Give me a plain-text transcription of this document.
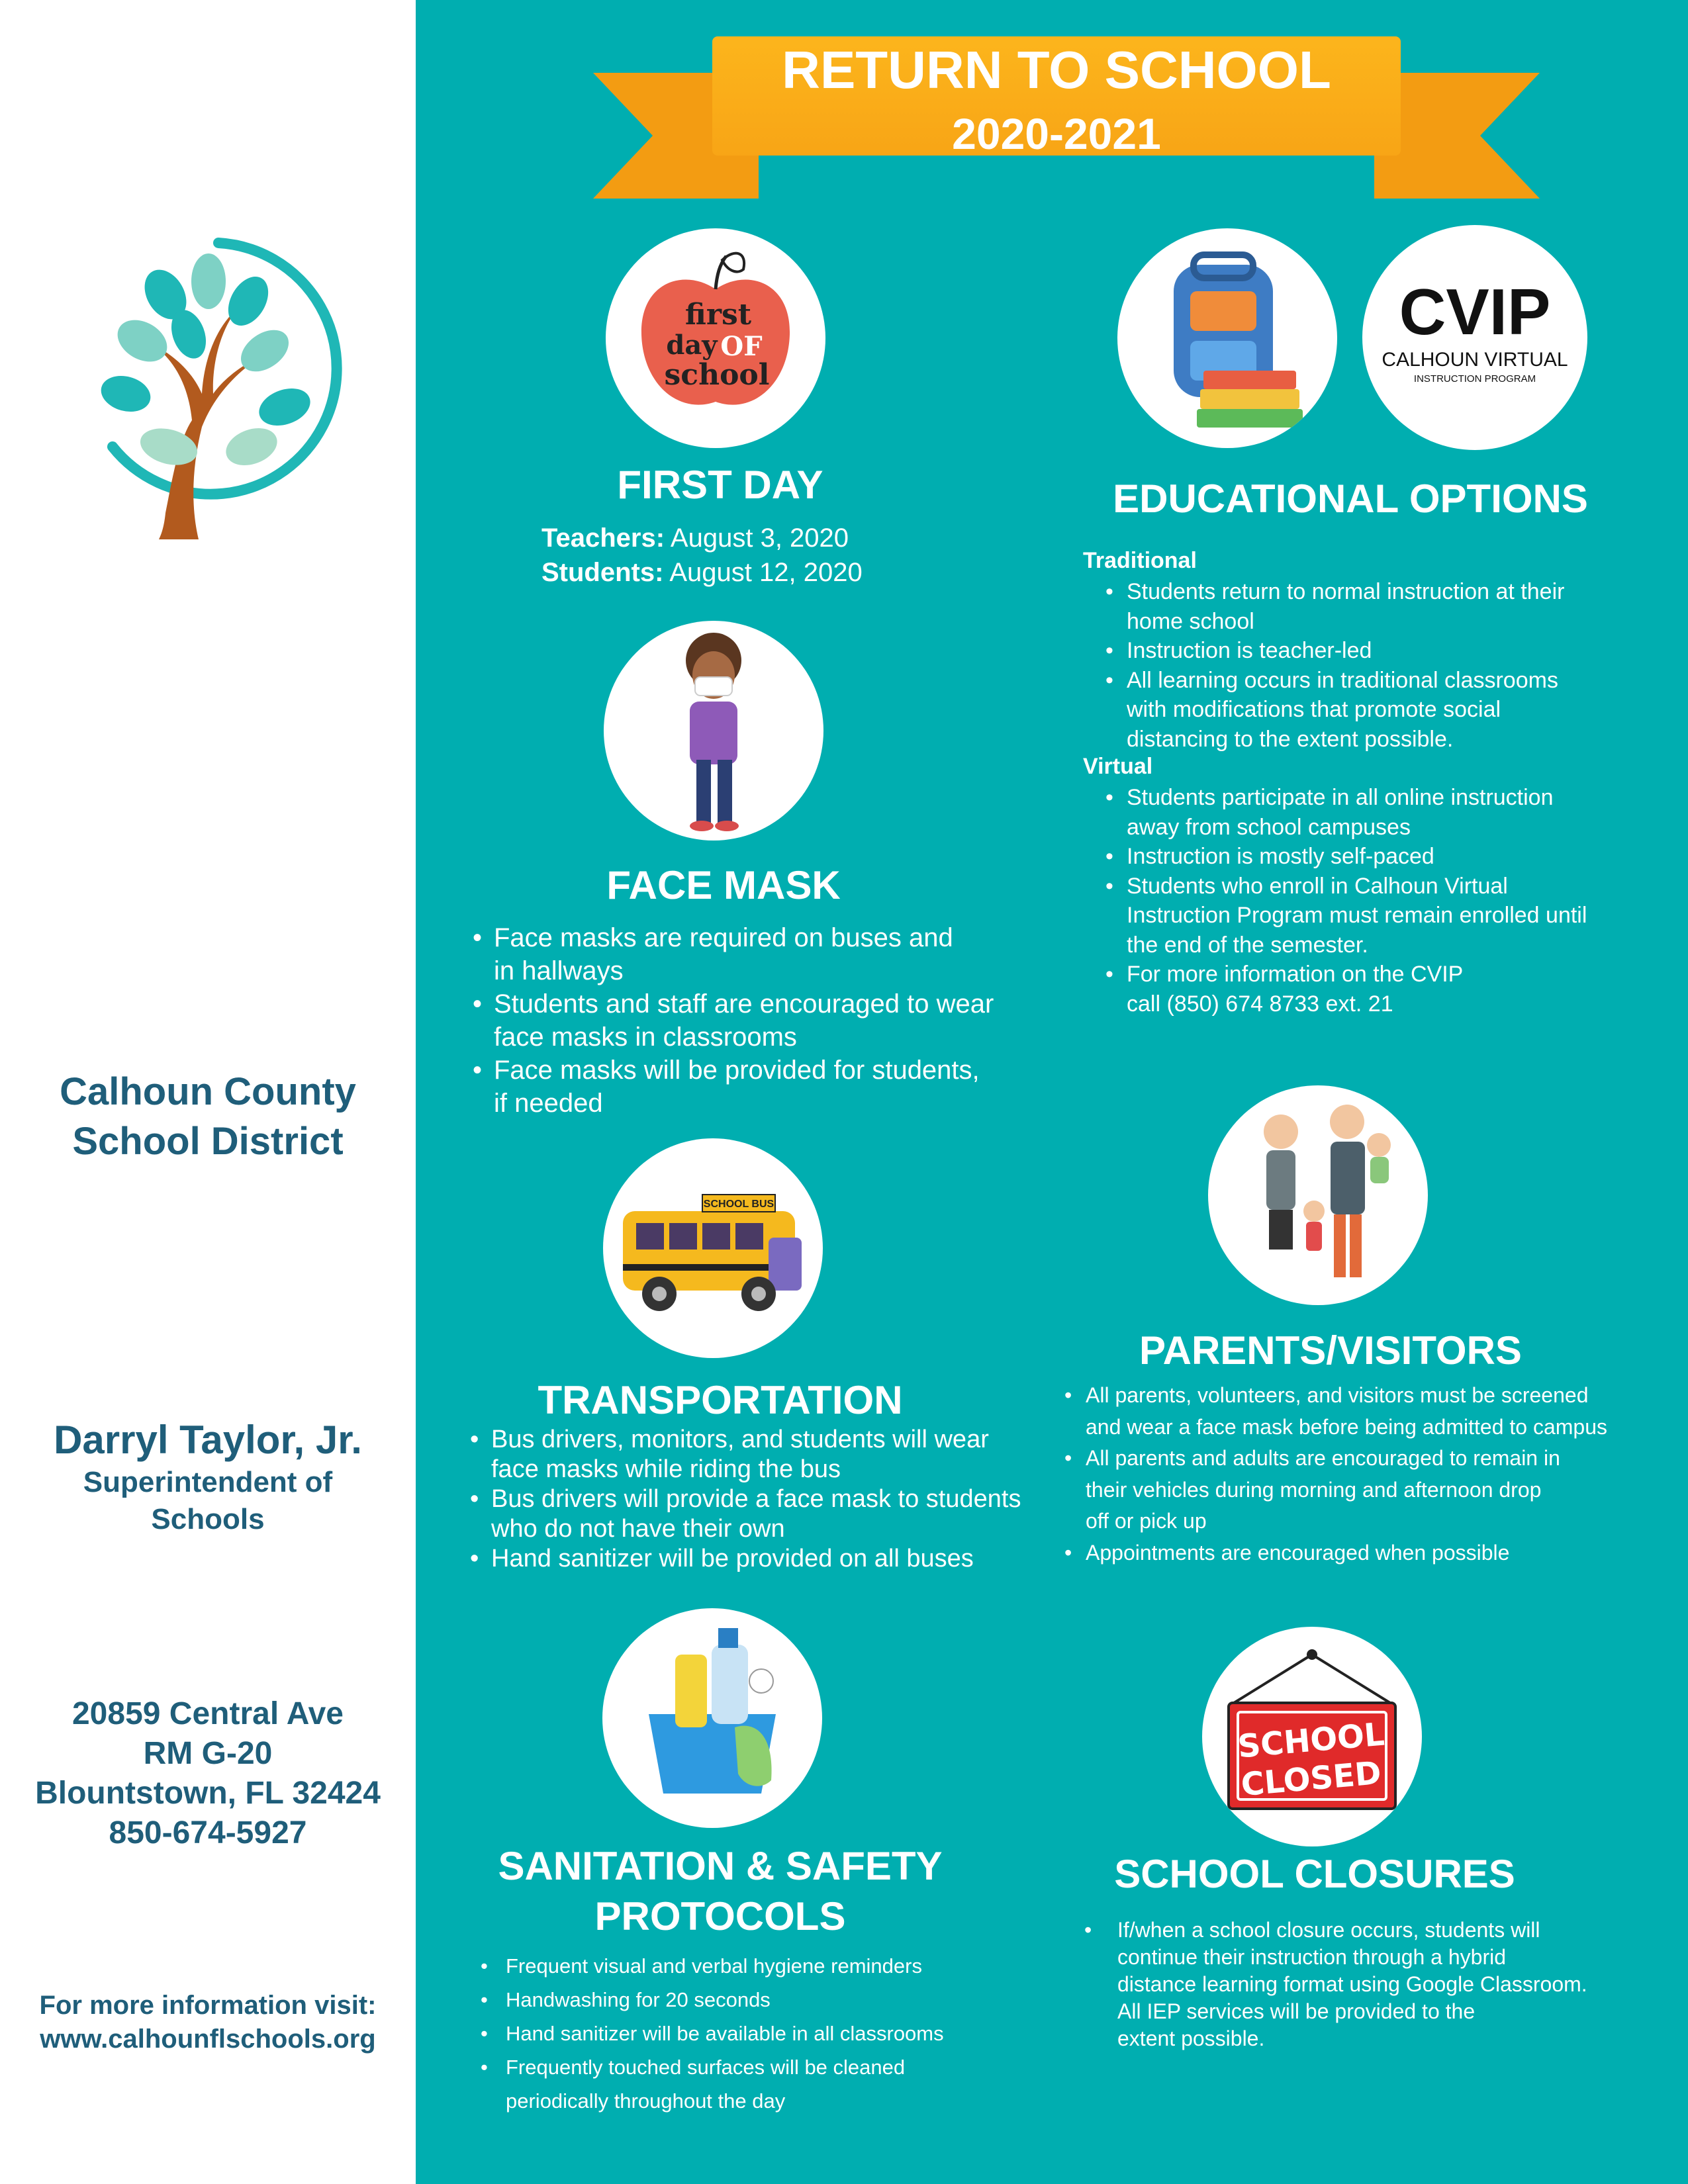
Calhoun County
School District
Darryl Taylor, Jr.
Superintendent of
Schools
20859 Central Ave
RM G-20
Blountstown, FL 32424
850-674-5927
For more information visit:
www.calhounflschools.org
RETURN TO SCHOOL
2020-2021
first
day OF
school
FIRST DAY
Teachers: August 3, 2020
Students: August 12, 2020
CVIP
CALHOUN VIRTUAL
INSTRUCTION PROGRAM
EDUCATIONAL OPTIONS
Traditional
• Students return to normal instruction at their
home school
• Instruction is teacher-led
• All learning occurs in traditional classrooms
with modifications that promote social
distancing to the extent possible.
Virtual
• Students participate in all online instruction
away from school campuses
• Instruction is mostly self-paced
• Students who enroll in Calhoun Virtual
Instruction Program must remain enrolled until
the end of the semester.
• For more information on the CVIP
call (850) 674 8733 ext. 21
FACE MASK
• Face masks are required on buses and
in hallways
• Students and staff are encouraged to wear
face masks in classrooms
• Face masks will be provided for students,
if needed
SCHOOL BUS
PARENTS/VISITORS
• All parents, volunteers, and visitors must be screened
and wear a face mask before being admitted to campus
• All parents and adults are encouraged to remain in
their vehicles during morning and afternoon drop
off or pick up
• Appointments are encouraged when possible
TRANSPORTATION
• Bus drivers, monitors, and students will wear
face masks while riding the bus
• Bus drivers will provide a face mask to students
who do not have their own
• Hand sanitizer will be provided on all buses
SCHOOL
CLOSED
SANITATION & SAFETY
PROTOCOLS
• Frequent visual and verbal hygiene reminders
• Handwashing for 20 seconds
• Hand sanitizer will be available in all classrooms
• Frequently touched surfaces will be cleaned
periodically throughout the day
SCHOOL CLOSURES
• If/when a school closure occurs, students will
continue their instruction through a hybrid
distance learning format using Google Classroom.
All IEP services will be provided to the
extent possible.
